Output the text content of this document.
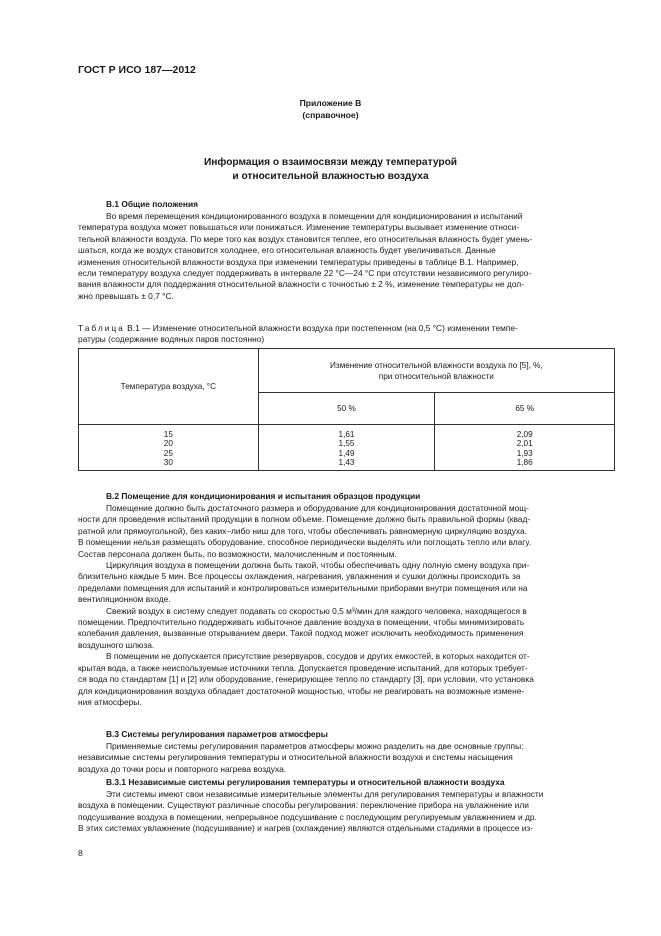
ГОСТ Р ИСО 187—2012
Приложение В
(справочное)
Информация о взаимосвязи между температурой
и относительной влажностью воздуха
В.1 Общие положения

Во время перемещения кондиционированного воздуха в помещении для кондиционирования и испытаний
температура воздуха может повышаться или понижаться. Изменение температуры вызывает изменение относи-
тельной влажности воздуха. По мере того как воздух становится теплее, его относительная влажность будет умень-
шаться, когда же воздух становится холоднее, его относительная влажность будет увеличиваться. Данные
изменения относительной влажности воздуха при изменении температуры приведены в таблице В.1. Например,
если температуру воздуха следует поддерживать в интервале 22 °С—24 °С при отсутствии независимого регулиро-
вания влажности для поддержания относительной влажности с точностью ± 2 %, изменение температуры не дол-
жно превышать ± 0,7 °С.

Таблица В.1 — Изменение относительной влажности воздуха при постепенном (на 0,5 °С) изменении темпе-
ратуры (содержание водяных паров постоянно)
Температура воздуха, °С	Изменение относительной влажности воздуха по [5], %,
при относительной влажности	
	50 %	65 %
15	1,61	2,09
20	1,55	2,01
25	1,49	1,93
30	1,43	1,86
В.2 Помещение для кондиционирования и испытания образцов продукции

Помещение должно быть достаточного размера и оборудование для кондиционирования достаточной мощ-
ности для проведения испытаний продукции в полном объеме. Помещение должно быть правильной формы (квад-
ратной или прямоугольной), без каких–либо ниш для того, чтобы обеспечивать равномерную циркуляцию воздуха.
В помещении нельзя размещать оборудование, способное периодически выделять или поглощать тепло или влагу.
Состав персонала должен быть, по возможности, малочисленным и постоянным.

Циркуляция воздуха в помещении должна быть такой, чтобы обеспечивать одну полную смену воздуха при-
близительно каждые 5 мин. Все процессы охлаждения, нагревания, увлажнения и сушки должны происходить за
пределами помещения для испытаний и контролироваться измерительными приборами внутри помещения или на
вентиляционном входе.

Свежий воздух в систему следует подавать со скоростью 0,5 м³/мин для каждого человека, находящегося в
помещении. Предпочтительно поддерживать избыточное давление воздуха в помещении, чтобы минимизировать
колебания давления, вызванные открыванием двери. Такой подход может исключить необходимость применения
воздушного шлюза.

В помещении не допускается присутствие резервуаров, сосудов и других емкостей, в которых находится от-
крытая вода, а также неиспользуемые источники тепла. Допускается проведение испытаний, для которых требует-
ся вода по стандартам [1] и [2] или оборудование, генерирующее тепло по стандарту [3], при условии, что установка
для кондиционирования воздуха обладает достаточной мощностью, чтобы не реагировать на возможные измене-
ния атмосферы.

В.3 Системы регулирования параметров атмосферы

Применяемые системы регулирования параметров атмосферы можно разделить на две основные группы:
независимые системы регулирования температуры и относительной влажности воздуха и системы насыщения
воздуха до точки росы и повторного нагрева воздуха.

В.3.1 Независимые системы регулирования температуры и относительной влажности воздуха

Эти системы имеют свои независимые измерительные элементы для регулирования температуры и влажности
воздуха в помещении. Существуют различные способы регулирования: переключение прибора на увлажнение или
подсушивание воздуха в помещении, непрерывное подсушивание с последующим регулируемым увлажнением и др.
В этих системах увлажнение (подсушивание) и нагрев (охлаждение) являются отдельными стадиями в процессе из-

8
